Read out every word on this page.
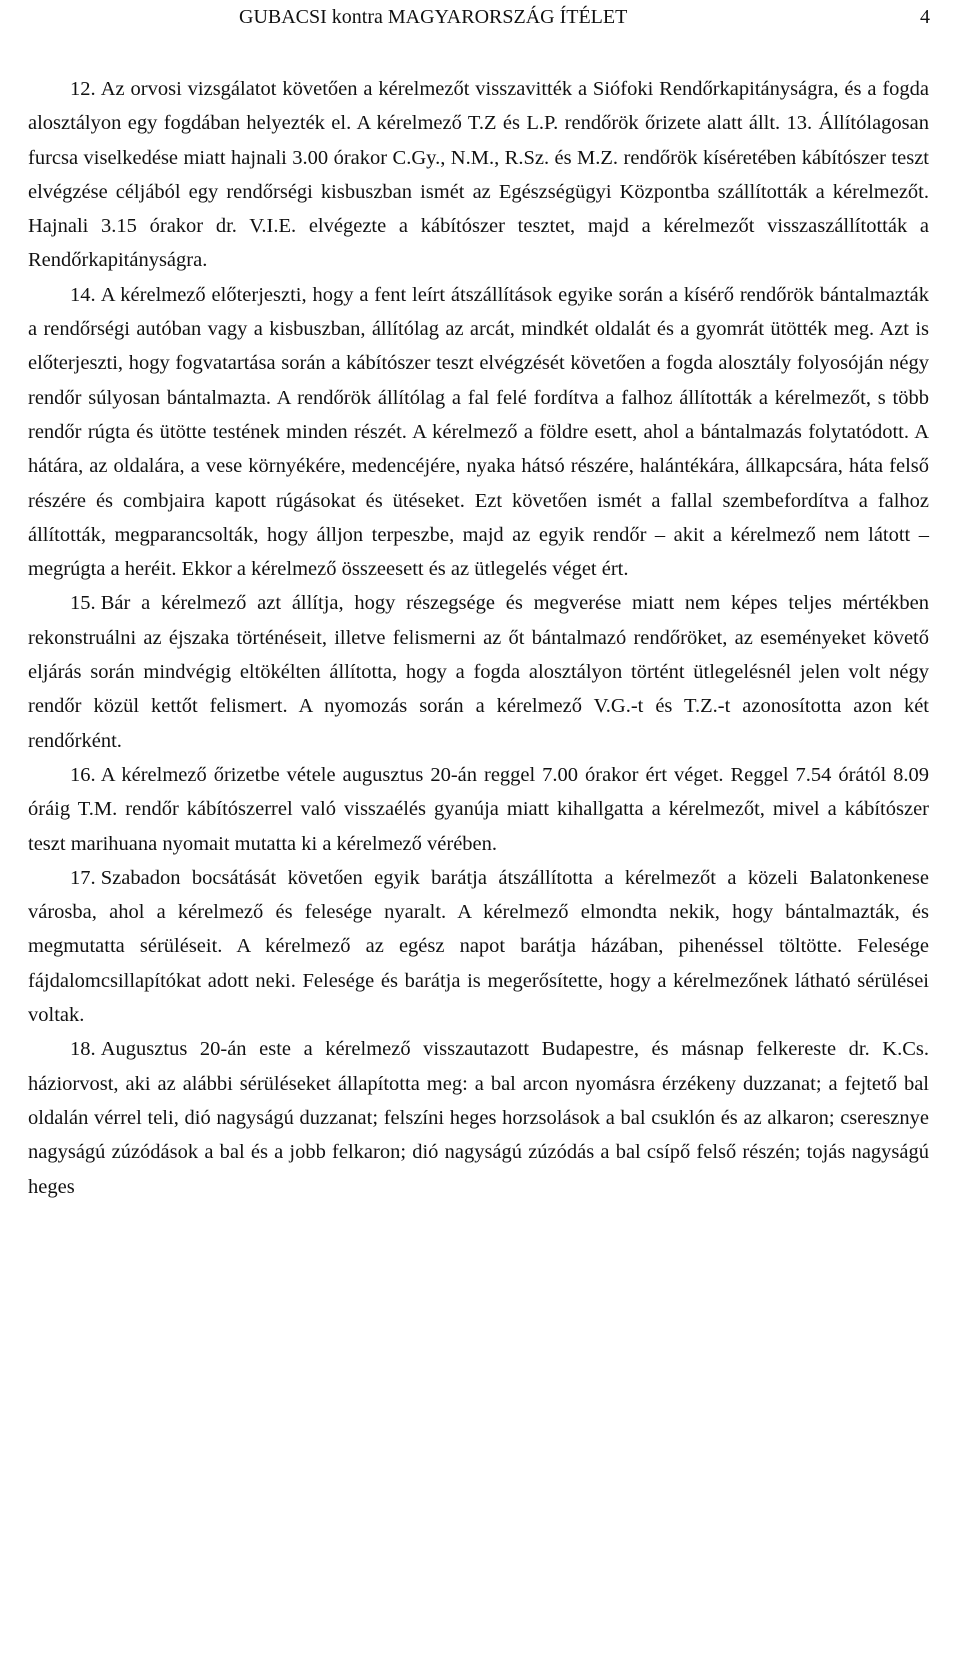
GUBACSI kontra MAGYARORSZÁG ÍTÉLET	4

12. Az orvosi vizsgálatot követően a kérelmezőt visszavitték a Siófoki Rendőrkapitányságra, és a fogda alosztályon egy fogdában helyezték el. A kérelmező T.Z és L.P. rendőrök őrizete alatt állt. 13. Állítólagosan furcsa viselkedése miatt hajnali 3.00 órakor C.Gy., N.M., R.Sz. és M.Z. rendőrök kíséretében kábítószer teszt elvégzése céljából egy rendőrségi kisbuszban ismét az Egészségügyi Központba szállították a kérelmezőt. Hajnali 3.15 órakor dr. V.I.E. elvégezte a kábítószer tesztet, majd a kérelmezőt visszaszállították a Rendőrkapitányságra.

14. A kérelmező előterjeszti, hogy a fent leírt átszállítások egyike során a kísérő rendőrök bántalmazták a rendőrségi autóban vagy a kisbuszban, állítólag az arcát, mindkét oldalát és a gyomrát ütötték meg. Azt is előterjeszti, hogy fogvatartása során a kábítószer teszt elvégzését követően a fogda alosztály folyosóján négy rendőr súlyosan bántalmazta. A rendőrök állítólag a fal felé fordítva a falhoz állították a kérelmezőt, s több rendőr rúgta és ütötte testének minden részét. A kérelmező a földre esett, ahol a bántalmazás folytatódott. A hátára, az oldalára, a vese környékére, medencéjére, nyaka hátsó részére, halántékára, állkapcsára, háta felső részére és combjaira kapott rúgásokat és ütéseket. Ezt követően ismét a fallal szembefordítva a falhoz állították, megparancsolták, hogy álljon terpeszbe, majd az egyik rendőr – akit a kérelmező nem látott – megrúgta a heréit. Ekkor a kérelmező összeesett és az ütlegelés véget ért.

15. Bár a kérelmező azt állítja, hogy részegsége és megverése miatt nem képes teljes mértékben rekonstruálni az éjszaka történéseit, illetve felismerni az őt bántalmazó rendőröket, az eseményeket követő eljárás során mindvégig eltökélten állította, hogy a fogda alosztályon történt ütlegelésnél jelen volt négy rendőr közül kettőt felismert. A nyomozás során a kérelmező V.G.-t és T.Z.-t azonosította azon két rendőrként.

16. A kérelmező őrizetbe vétele augusztus 20-án reggel 7.00 órakor ért véget. Reggel 7.54 órától 8.09 óráig T.M. rendőr kábítószerrel való visszaélés gyanúja miatt kihallgatta a kérelmezőt, mivel a kábítószer teszt marihuana nyomait mutatta ki a kérelmező vérében.

17. Szabadon bocsátását követően egyik barátja átszállította a kérelmezőt a közeli Balatonkenese városba, ahol a kérelmező és felesége nyaralt. A kérelmező elmondta nekik, hogy bántalmazták, és megmutatta sérüléseit. A kérelmező az egész napot barátja házában, pihenéssel töltötte. Felesége fájdalomcsillapítókat adott neki. Felesége és barátja is megerősítette, hogy a kérelmezőnek látható sérülései voltak.

18. Augusztus 20-án este a kérelmező visszautazott Budapestre, és másnap felkereste dr. K.Cs. háziorvost, aki az alábbi sérüléseket állapította meg: a bal arcon nyomásra érzékeny duzzanat; a fejtető bal oldalán vérrel teli, dió nagyságú duzzanat; felszíni heges horzsolások a bal csuklón és az alkaron; cseresznye nagyságú zúzódások a bal és a jobb felkaron; dió nagyságú zúzódás a bal csípő felső részén; tojás nagyságú heges
